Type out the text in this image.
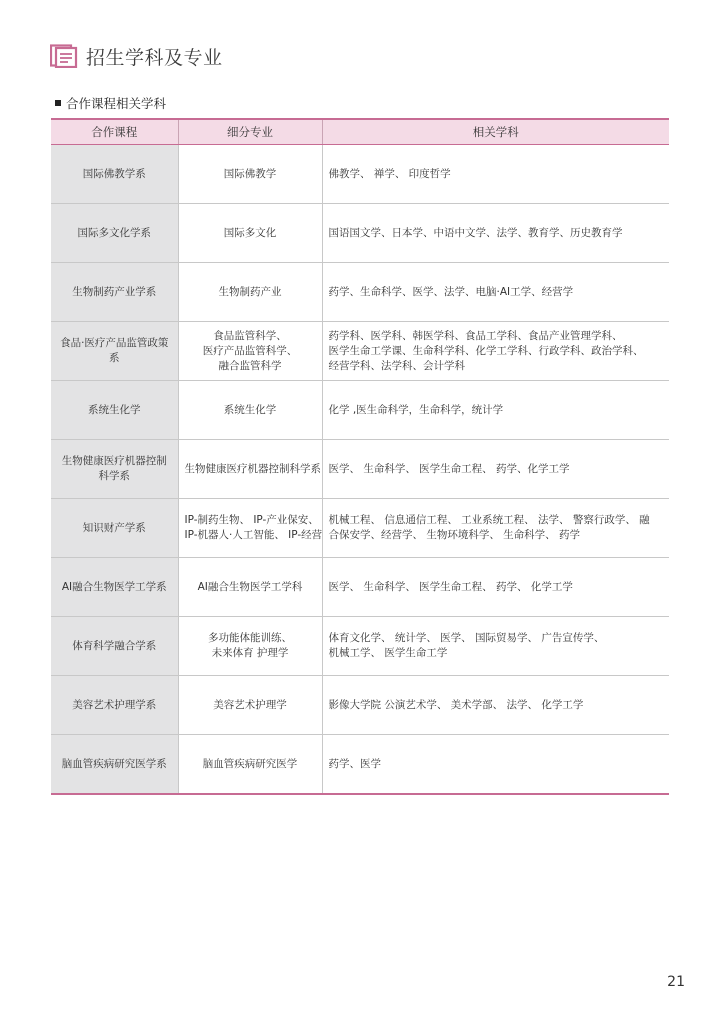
招生学科及专业
合作课程相关学科
合作课程	细分专业	相关学科
国际佛教学系	国际佛教学	佛教学、 禅学、 印度哲学

国际多文化学系	国际多文化	国语国文学、日本学、中语中文学、法学、教育学、历史教育学

生物制药产业学系	生物制药产业	药学、生命科学、医学、法学、电脑·AI工学、经营学

食品·医疗产品监管政策系	食品监管科学、
医疗产品监管科学、
融合监管科学	药学科、医学科、韩医学科、食品工学科、食品产业管理学科、
医学生命工学课、生命科学科、化学工学科、行政学科、政治学科、
经营学科、法学科、会计学科

系统生化学	系统生化学	化学 ,医生命科学，生命科学，统计学

生物健康医疗机器控制科学系	生物健康医疗机器控制科学系	医学、 生命科学、 医学生命工程、 药学、化学工学

知识财产学系	IP-制药生物、 IP-产业保安、
IP-机器人·人工智能、 IP-经营	机械工程、 信息通信工程、 工业系统工程、 法学、 警察行政学、 融
合保安学、经营学、 生物环境科学、 生命科学、 药学

AI融合生物医学工学系	AI融合生物医学工学科	医学、 生命科学、 医学生命工程、 药学、 化学工学

体育科学融合学系	多功能体能训练、
未来体育 护理学	体育文化学、 统计学、 医学、 国际贸易学、 广告宣传学、
机械工学、 医学生命工学

美容艺术护理学系	美容艺术护理学	影像大学院 公演艺术学、 美术学部、 法学、 化学工学

脑血管疾病研究医学系	脑血管疾病研究医学	药学、医学
21
